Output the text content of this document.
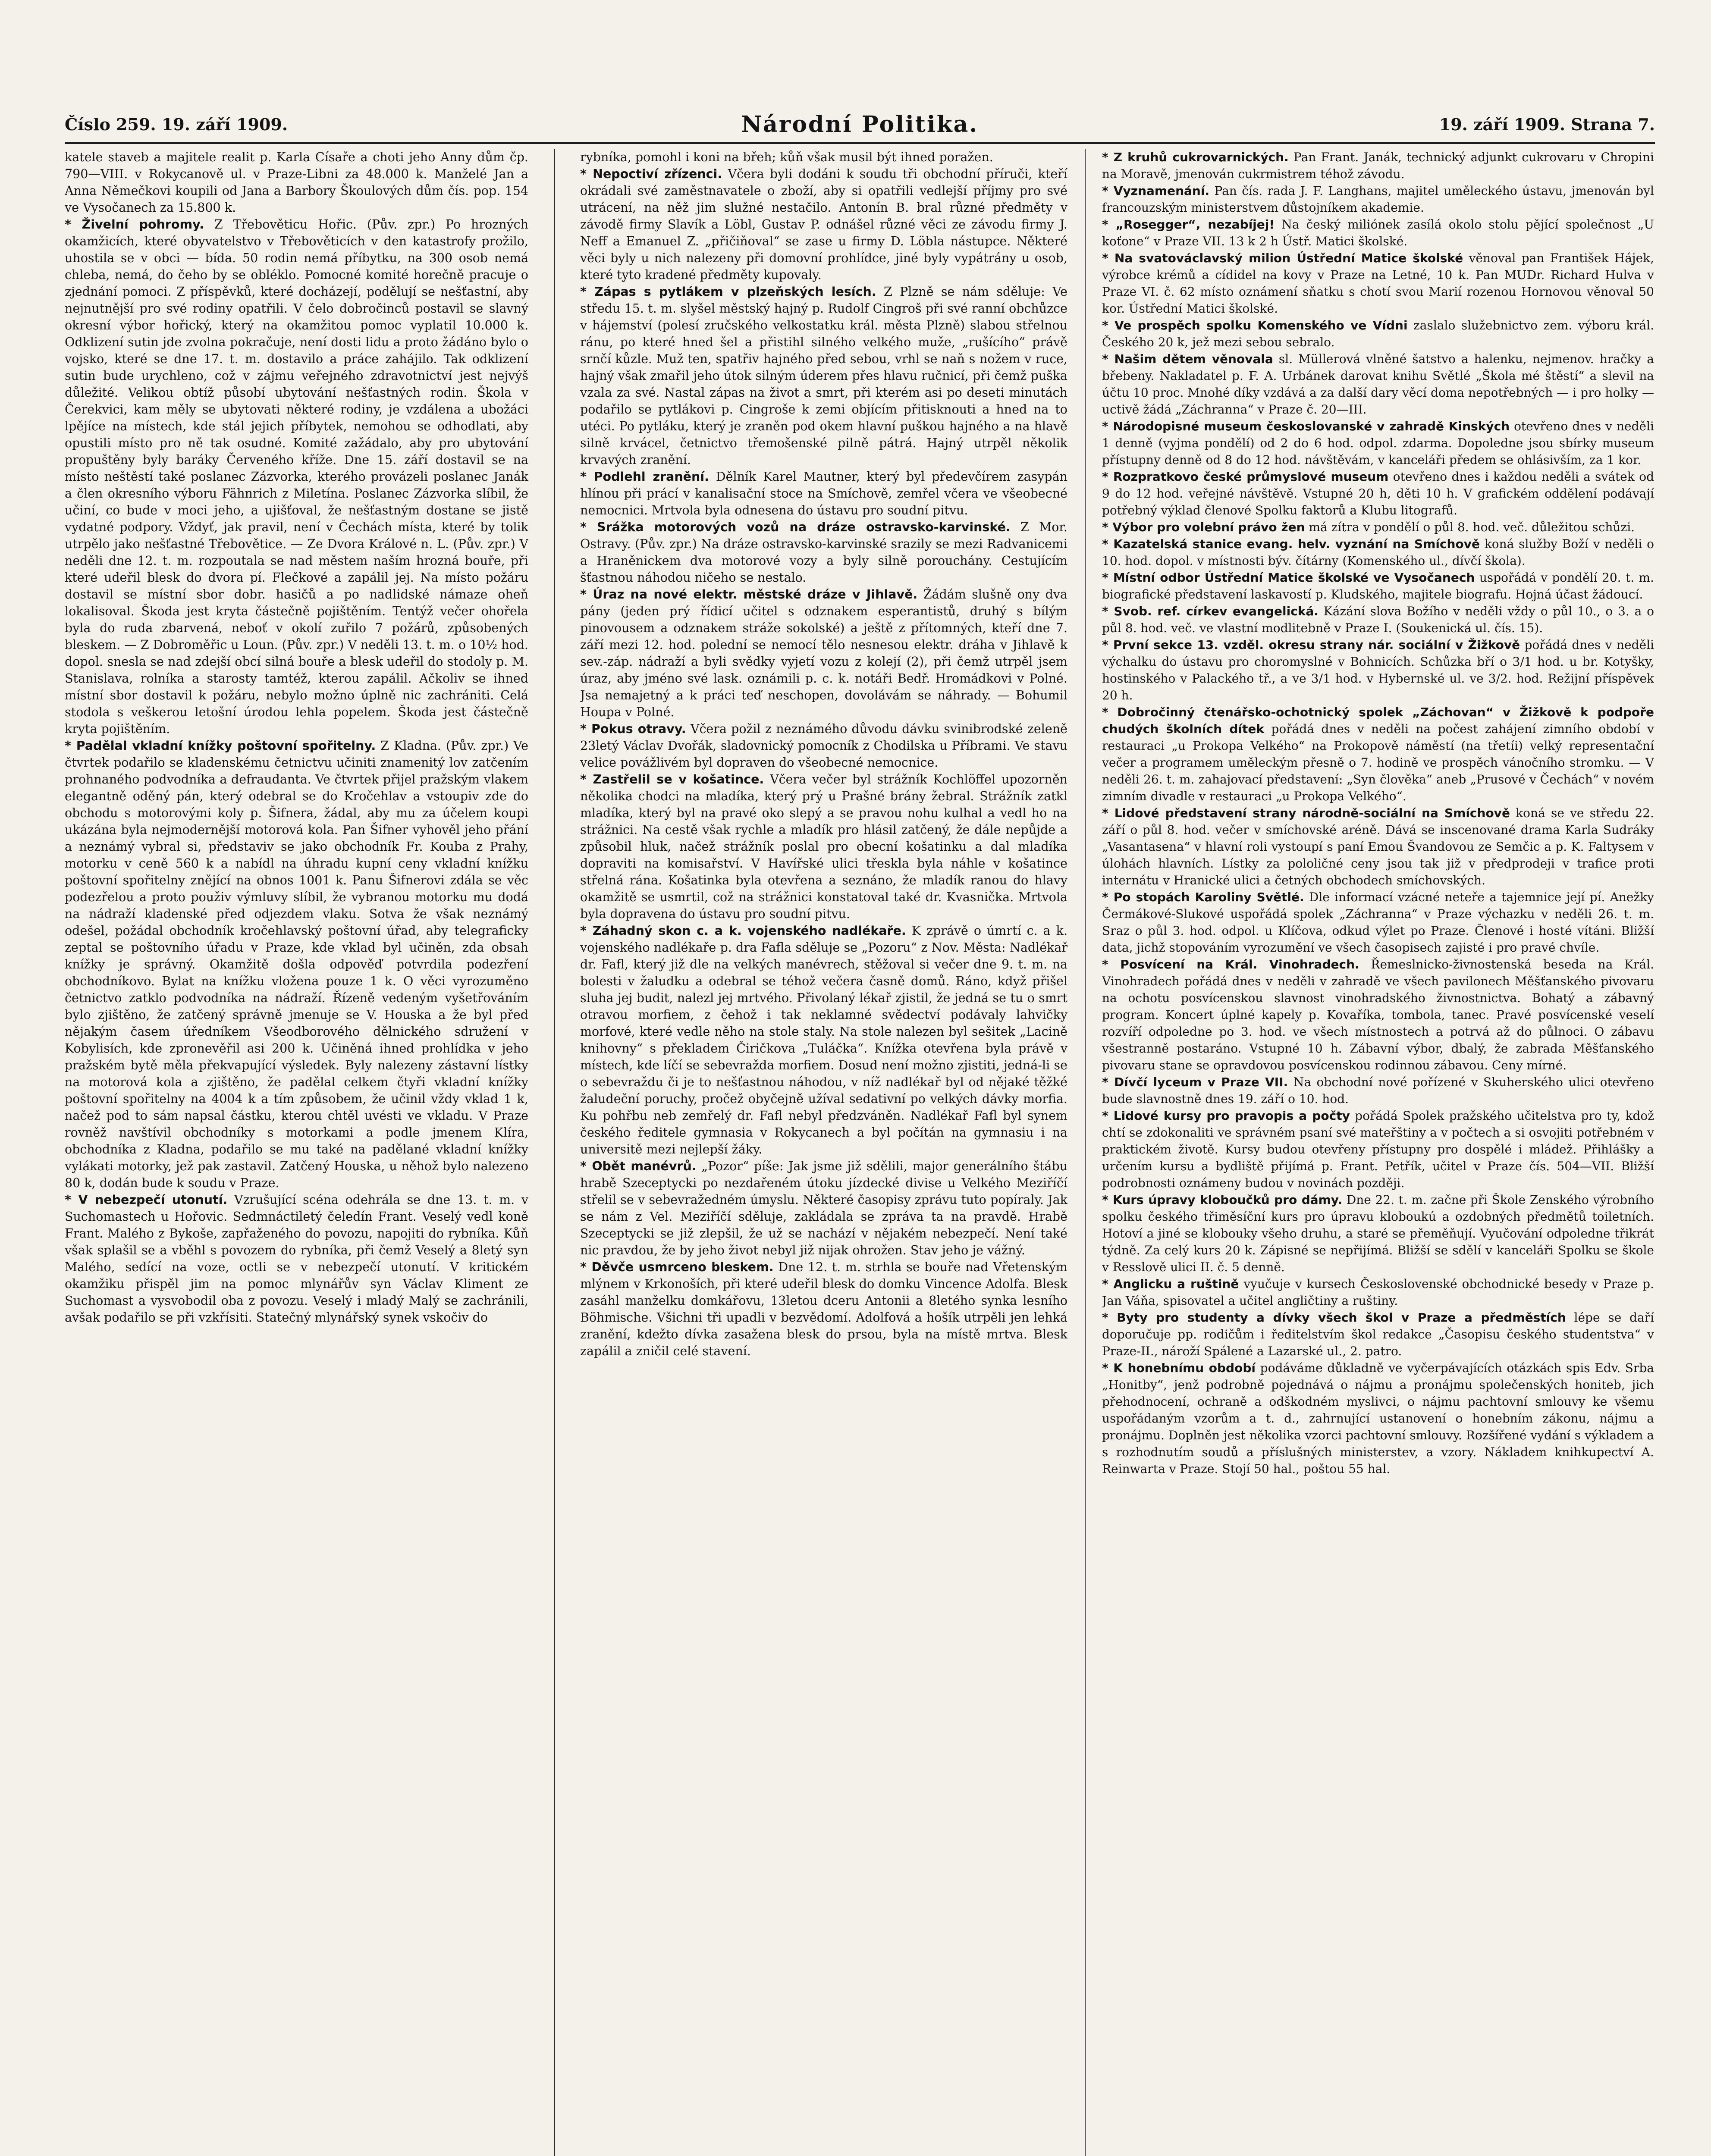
Číslo 259. 19. září 1909.	Národní Politika.	19. září 1909. Strana 7.

katele staveb a majitele realit p. Karla Císaře a choti jeho Anny dům čp. 790—VIII. v Rokycanově ul. v Praze-Libni za 48.000 k. Manželé Jan a Anna Němečkovi koupili od Jana a Barbory Škoulových dům čís. pop. 154 ve Vysočanech za 15.800 k.

* Živelní pohromy. Z Třebověticu Hořic. (Pův. zpr.) Po hrozných okamžicích, které obyvatelstvo v Třebověticích v den katastrofy prožilo, uhostila se v obci — bída. 50 rodin nemá příbytku, na 300 osob nemá chleba, nemá, do čeho by se obléklo. Pomocné komité horečně pracuje o zjednání pomoci. Z příspěvků, které docházejí, podělují se nešťastní, aby nejnutnější pro své rodiny opatřili. V čelo dobročinců postavil se slavný okresní výbor hořický, který na okamžitou pomoc vyplatil 10.000 k. Odklizení sutin jde zvolna pokračuje, není dosti lidu a proto žádáno bylo o vojsko, které se dne 17. t. m. dostavilo a práce zahájilo. Tak odklizení sutin bude urychleno, což v zájmu veřejného zdravotnictví jest nejvýš důležité. Velikou obtíž působí ubytování nešťastných rodin. Škola v Čerekvici, kam měly se ubytovati některé rodiny, je vzdálena a ubožáci lpějíce na místech, kde stál jejich příbytek, nemohou se odhodlati, aby opustili místo pro ně tak osudné. Komité zažádalo, aby pro ubytování propuštěny byly baráky Červeného kříže. Dne 15. září dostavil se na místo neštěstí také poslanec Zázvorka, kterého provázeli poslanec Janák a člen okresního výboru Fähnrich z Miletína. Poslanec Zázvorka slíbil, že učiní, co bude v moci jeho, a ujišťoval, že nešťastným dostane se jistě vydatné podpory. Vždyť, jak pravil, není v Čechách místa, které by tolik utrpělo jako nešťastné Třebovětice. — Ze Dvora Králové n. L. (Pův. zpr.) V neděli dne 12. t. m. rozpoutala se nad městem naším hrozná bouře, při které udeřil blesk do dvora pí. Flečkové a zapálil jej. Na místo požáru dostavil se místní sbor dobr. hasičů a po nadlidské námaze oheň lokalisoval. Škoda jest kryta částečně pojištěním. Tentýž večer ohořela byla do ruda zbarvená, neboť v okolí zuřilo 7 požárů, způsobených bleskem. — Z Dobroměřic u Loun. (Pův. zpr.) V neděli 13. t. m. o 10½ hod. dopol. snesla se nad zdejší obcí silná bouře a blesk udeřil do stodoly p. M. Stanislava, rolníka a starosty tamtéž, kterou zapálil. Ačkoliv se ihned místní sbor dostavil k požáru, nebylo možno úplně nic zachrániti. Celá stodola s veškerou letošní úrodou lehla popelem. Škoda jest částečně kryta pojištěním.

* Padělal vkladní knížky poštovní spořitelny. Z Kladna. (Pův. zpr.) Ve čtvrtek podařilo se kladenskému četnictvu učiniti znamenitý lov zatčením prohnaného podvodníka a defraudanta. Ve čtvrtek přijel pražským vlakem elegantně oděný pán, který odebral se do Kročehlav a vstoupiv zde do obchodu s motorovými koly p. Šifnera, žádal, aby mu za účelem koupi ukázána byla nejmodernější motorová kola. Pan Šifner vyhověl jeho přání a neznámý vybral si, představiv se jako obchodník Fr. Kouba z Prahy, motorku v ceně 560 k a nabídl na úhradu kupní ceny vkladní knížku poštovní spořitelny znějící na obnos 1001 k. Panu Šifnerovi zdála se věc podezřelou a proto použiv výmluvy slíbil, že vybranou motorku mu dodá na nádraží kladenské před odjezdem vlaku. Sotva že však neznámý odešel, požádal obchodník kročehlavský poštovní úřad, aby telegraficky zeptal se poštovního úřadu v Praze, kde vklad byl učiněn, zda obsah knížky je správný. Okamžitě došla odpověď potvrdila podezření obchodníkovo. Bylat na knížku vložena pouze 1 k. O věci vyrozuměno četnictvo zatklo podvodníka na nádraží. Řízeně vedeným vyšetřováním bylo zjištěno, že zatčený správně jmenuje se V. Houska a že byl před nějakým časem úředníkem Všeodborového dělnického sdružení v Kobylisích, kde zpronevěřil asi 200 k. Učiněná ihned prohlídka v jeho pražském bytě měla překvapující výsledek. Byly nalezeny zástavní lístky na motorová kola a zjištěno, že padělal celkem čtyři vkladní knížky poštovní spořitelny na 4004 k a tím způsobem, že učinil vždy vklad 1 k, načež pod to sám napsal částku, kterou chtěl uvésti ve vkladu. V Praze rovněž navštívil obchodníky s motorkami a podle jmenem Klíra, obchodníka z Kladna, podařilo se mu také na padělané vkladní knížky vylákati motorky, jež pak zastavil. Zatčený Houska, u něhož bylo nalezeno 80 k, dodán bude k soudu v Praze.

* V nebezpečí utonutí. Vzrušující scéna odehrála se dne 13. t. m. v Suchomastech u Hořovic. Sedmnáctiletý čeledín Frant. Veselý vedl koně Frant. Malého z Bykoše, zapřaženého do povozu, napojiti do rybníka. Kůň však splašil se a vběhl s povozem do rybníka, při čemž Veselý a 8letý syn Malého, sedící na voze, octli se v nebezpečí utonutí. V kritickém okamžiku přispěl jim na pomoc mlynářův syn Václav Kliment ze Suchomast a vysvobodil oba z povozu. Veselý i mladý Malý se zachránili, avšak podařilo se při vzkřísiti. Statečný mlynářský synek vskočiv do

rybníka, pomohl i koni na břeh; kůň však musil být ihned poražen.

* Nepoctiví zřízenci. Včera byli dodáni k soudu tři obchodní příruči, kteří okrádali své zaměstnavatele o zboží, aby si opatřili vedlejší příjmy pro své utrácení, na něž jim služné nestačilo. Antonín B. bral různé předměty v závodě firmy Slavík a Löbl, Gustav P. odnášel různé věci ze závodu firmy J. Neff a Emanuel Z. „přičiňoval“ se zase u firmy D. Löbla nástupce. Některé věci byly u nich nalezeny při domovní prohlídce, jiné byly vypátrány u osob, které tyto kradené předměty kupovaly.

* Zápas s pytlákem v plzeňských lesích. Z Plzně se nám sděluje: Ve středu 15. t. m. slyšel městský hajný p. Rudolf Cingroš při své ranní obchůzce v hájemství (polesí zručského velkostatku král. města Plzně) slabou střelnou ránu, po které hned šel a přistihl silného velkého muže, „rušícího“ právě srnčí kůzle. Muž ten, spatřiv hajného před sebou, vrhl se naň s nožem v ruce, hajný však zmařil jeho útok silným úderem přes hlavu ručnicí, při čemž puška vzala za své. Nastal zápas na život a smrt, při kterém asi po deseti minutách podařilo se pytlákovi p. Cingroše k zemi objícím přitisknouti a hned na to utéci. Po pytláku, který je zraněn pod okem hlavní puškou hajného a na hlavě silně krvácel, četnictvo třemošenské pilně pátrá. Hajný utrpěl několik krvavých zranění.

* Podlehl zranění. Dělník Karel Mautner, který byl předevčírem zasypán hlínou při prácí v kanalisační stoce na Smíchově, zemřel včera ve všeobecné nemocnici. Mrtvola byla odnesena do ústavu pro soudní pitvu.

* Srážka motorových vozů na dráze ostravsko-karvinské. Z Mor. Ostravy. (Pův. zpr.) Na dráze ostravsko-karvinské srazily se mezi Radvanicemi a Hraněnickem dva motorové vozy a byly silně porouchány. Cestujícím šťastnou náhodou ničeho se nestalo.

* Úraz na nové elektr. městské dráze v Jihlavě. Žádám slušně ony dva pány (jeden prý řídicí učitel s odznakem esperantistů, druhý s bílým pinovousem a odznakem stráže sokolské) a ještě z přítomných, kteří dne 7. září mezi 12. hod. polední se nemocí tělo nesnesou elektr. dráha v Jihlavě k sev.-záp. nádraží a byli svědky vyjetí vozu z kolejí (2), při čemž utrpěl jsem úraz, aby jméno své lask. oznámili p. c. k. notáři Bedř. Hromádkovi v Polné. Jsa nemajetný a k práci teď neschopen, dovolávám se náhrady. — Bohumil Houpa v Polné.

* Pokus otravy. Včera požil z neznámého důvodu dávku svinibrodské zeleně 23letý Václav Dvořák, sladovnický pomocník z Chodilska u Příbrami. Ve stavu velice povážlivém byl dopraven do všeobecné nemocnice.

* Zastřelil se v košatince. Včera večer byl strážník Kochlöffel upozorněn několika chodci na mladíka, který prý u Prašné brány žebral. Strážník zatkl mladíka, který byl na pravé oko slepý a se pravou nohu kulhal a vedl ho na strážnici. Na cestě však rychle a mladík pro hlásil zatčený, že dále nepůjde a způsobil hluk, načež strážník poslal pro obecní košatinku a dal mladíka dopraviti na komisařství. V Havířské ulici třeskla byla náhle v košatince střelná rána. Košatinka byla otevřena a seznáno, že mladík ranou do hlavy okamžitě se usmrtil, což na strážnici konstatoval také dr. Kvasnička. Mrtvola byla dopravena do ústavu pro soudní pitvu.

* Záhadný skon c. a k. vojenského nadlékaře. K zprávě o úmrtí c. a k. vojenského nadlékaře p. dra Fafla sděluje se „Pozoru“ z Nov. Města: Nadlékař dr. Fafl, který již dle na velkých manévrech, stěžoval si večer dne 9. t. m. na bolesti v žaludku a odebral se téhož večera časně domů. Ráno, když přišel sluha jej budit, nalezl jej mrtvého. Přivolaný lékař zjistil, že jedná se tu o smrt otravou morfiem, z čehož i tak neklamné svědectví podávaly lahvičky morfové, které vedle něho na stole staly. Na stole nalezen byl sešitek „Lacině knihovny“ s překladem Čiričkova „Tuláčka“. Knížka otevřena byla právě v místech, kde líčí se sebevražda morfiem. Dosud není možno zjistiti, jedná-li se o sebevraždu či je to nešťastnou náhodou, v níž nadlékař byl od nějaké těžké žaludeční poruchy, pročež obyčejně užíval sedativní po velkých dávky morfia. Ku pohřbu neb zemřelý dr. Fafl nebyl předzváněn. Nadlékař Fafl byl synem českého ředitele gymnasia v Rokycanech a byl počítán na gymnasiu i na universitě mezi nejlepší žáky.

* Obět manévrů. „Pozor“ píše: Jak jsme již sdělili, major generálního štábu hrabě Szeceptycki po nezdařeném útoku jízdecké divise u Velkého Meziříčí střelil se v sebevražedném úmyslu. Některé časopisy zprávu tuto popíraly. Jak se nám z Vel. Meziříčí sděluje, zakládala se zpráva ta na pravdě. Hrabě Szeceptycki se již zlepšil, že už se nachází v nějakém nebezpečí. Není také nic pravdou, že by jeho život nebyl již nijak ohrožen. Stav jeho je vážný.

* Děvče usmrceno bleskem. Dne 12. t. m. strhla se bouře nad Vřetenským mlýnem v Krkonoších, při které udeřil blesk do domku Vincence Adolfa. Blesk zasáhl manželku domkářovu, 13letou dceru Antonii a 8letého synka lesního Böhmische. Všichni tři upadli v bezvědomí. Adolfová a hošík utrpěli jen lehká zranění, kdežto dívka zasažena blesk do prsou, byla na místě mrtva. Blesk zapálil a zničil celé stavení.

* Z kruhů cukrovarnických. Pan Frant. Janák, technický adjunkt cukrovaru v Chropini na Moravě, jmenován cukrmistrem téhož závodu.

* Vyznamenání. Pan čís. rada J. F. Langhans, majitel uměleckého ústavu, jmenován byl francouzským ministerstvem důstojníkem akademie.

* „Rosegger“, nezabíjej! Na český miliónek zasílá okolo stolu pějící společnost „U koťone“ v Praze VII. 13 k 2 h Ústř. Matici školské.

* Na svatováclavský milion Ústřední Matice školské věnoval pan František Hájek, výrobce krémů a cídidel na kovy v Praze na Letné, 10 k. Pan MUDr. Richard Hulva v Praze VI. č. 62 místo oznámení sňatku s chotí svou Marií rozenou Hornovou věnoval 50 kor. Ústřední Matici školské.

* Ve prospěch spolku Komenského ve Vídni zaslalo služebnictvo zem. výboru král. Českého 20 k, jež mezi sebou sebralo.

* Našim dětem věnovala sl. Müllerová vlněné šatstvo a halenku, nejmenov. hračky a břebeny. Nakladatel p. F. A. Urbánek darovat knihu Světlé „Škola mé štěstí“ a slevil na účtu 10 proc. Mnohé díky vzdává a za další dary věcí doma nepotřebných — i pro holky — uctivě žádá „Záchranna“ v Praze č. 20—III.

* Národopisné museum českoslovanské v zahradě Kinských otevřeno dnes v neděli 1 denně (vyjma pondělí) od 2 do 6 hod. odpol. zdarma. Dopoledne jsou sbírky museum přístupny denně od 8 do 12 hod. návštěvám, v kanceláři předem se ohlásivším, za 1 kor.

* Rozpratkovo české průmyslové museum otevřeno dnes i každou neděli a svátek od 9 do 12 hod. veřejné návštěvě. Vstupné 20 h, děti 10 h. V grafickém oddělení podávají potřebný výklad členové Spolku faktorů a Klubu litografů.

* Výbor pro volební právo žen má zítra v pondělí o půl 8. hod. več. důležitou schůzi.

* Kazatelská stanice evang. helv. vyznání na Smíchově koná služby Boží v neděli o 10. hod. dopol. v místnosti býv. čítárny (Komenského ul., dívčí škola).

* Místní odbor Ústřední Matice školské ve Vysočanech uspořádá v pondělí 20. t. m. biografické představení laskavostí p. Kludského, majitele biografu. Hojná účast žádoucí.

* Svob. ref. církev evangelická. Kázání slova Božího v neděli vždy o půl 10., o 3. a o půl 8. hod. več. ve vlastní modlitebně v Praze I. (Soukenická ul. čís. 15).

* První sekce 13. vzděl. okresu strany nár. sociální v Žižkově pořádá dnes v neděli výchalku do ústavu pro choromyslné v Bohnicích. Schůzka bří o 3/1 hod. u br. Kotyšky, hostinského v Palackého tř., a ve 3/1 hod. v Hybernské ul. ve 3/2. hod. Režijní příspěvek 20 h.

* Dobročinný čtenářsko-ochotnický spolek „Záchovan“ v Žižkově k podpoře chudých školních dítek pořádá dnes v neděli na počest zahájení zimního období v restauraci „u Prokopa Velkého“ na Prokopově náměstí (na třetíi) velký representační večer a programem uměleckým přesně o 7. hodině ve prospěch vánočního stromku. — V neděli 26. t. m. zahajovací představení: „Syn člověka“ aneb „Prusové v Čechách“ v novém zimním divadle v restauraci „u Prokopa Velkého“.

* Lidové představení strany národně-sociální na Smíchově koná se ve středu 22. září o půl 8. hod. večer v smíchovské aréně. Dává se inscenované drama Karla Sudráky „Vasantasena“ v hlavní roli vystoupí s paní Emou Švandovou ze Semčic a p. K. Faltysem v úlohách hlavních. Lístky za pololičné ceny jsou tak již v předprodeji v trafice proti internátu v Hranické ulici a četných obchodech smíchovských.

* Po stopách Karoliny Světlé. Dle informací vzácné neteře a tajemnice její pí. Anežky Čermákové-Slukové uspořádá spolek „Záchranna“ v Praze výchazku v neděli 26. t. m. Sraz o půl 3. hod. odpol. u Klíčova, odkud výlet po Praze. Členové i hosté vítáni. Bližší data, jichž stopováním vyrozumění ve všech časopisech zajisté i pro pravé chvíle.

* Posvícení na Král. Vinohradech. Řemeslnicko-živnostenská beseda na Král. Vinohradech pořádá dnes v neděli v zahradě ve všech pavilonech Měšťanského pivovaru na ochotu posvícenskou slavnost vinohradského živnostnictva. Bohatý a zábavný program. Koncert úplné kapely p. Kovaříka, tombola, tanec. Pravé posvícenské veselí rozvíří odpoledne po 3. hod. ve všech místnostech a potrvá až do půlnoci. O zábavu všestranně postaráno. Vstupné 10 h. Zábavní výbor, dbalý, že zabrada Měšťanského pivovaru stane se opravdovou posvícenskou rodinnou zábavou. Ceny mírné.

* Dívčí lyceum v Praze VII. Na obchodní nové pořízené v Skuherského ulici otevřeno bude slavnostně dnes 19. září o 10. hod.

* Lidové kursy pro pravopis a počty pořádá Spolek pražského učitelstva pro ty, kdož chtí se zdokonaliti ve správném psaní své mateřštiny a v počtech a si osvojiti potřebném v praktickém životě. Kursy budou otevřeny přístupny pro dospělé i mládež. Přihlášky a určením kursu a bydliště přijímá p. Frant. Petřík, učitel v Praze čís. 504—VII. Bližší podrobnosti oznámeny budou v novinách později.

* Kurs úpravy kloboučků pro dámy. Dne 22. t. m. začne při Škole Zenského výrobního spolku českého třiměsíční kurs pro úpravu kloboukú a ozdobných předmětů toiletních. Hotoví a jiné se klobouky všeho druhu, a staré se přeměňují. Vyučování odpoledne třikrát týdně. Za celý kurs 20 k. Zápisné se nepřijímá. Bližší se sdělí v kanceláři Spolku se škole v Resslově ulici II. č. 5 denně.

* Anglicku a ruštině vyučuje v kursech Československé obchodnické besedy v Praze p. Jan Váňa, spisovatel a učitel angličtiny a ruštiny.

* Byty pro studenty a dívky všech škol v Praze a předměstích lépe se daří doporučuje pp. rodičům i ředitelstvím škol redakce „Časopisu českého studentstva“ v Praze-II., nároží Spálené a Lazarské ul., 2. patro.

* K honebnímu období podáváme důkladně ve vyčerpávajících otázkách spis Edv. Srba „Honitby“, jenž podrobně pojednává o nájmu a pronájmu společenských honiteb, jich přehodnocení, ochraně a odškodném myslivci, o nájmu pachtovní smlouvy ke všemu uspořádaným vzorům a t. d., zahrnující ustanovení o honebním zákonu, nájmu a pronájmu. Doplněn jest několika vzorci pachtovní smlouvy. Rozšířené vydání s výkladem a s rozhodnutím soudů a příslušných ministerstev, a vzory. Nákladem knihkupectví A. Reinwarta v Praze. Stojí 50 hal., poštou 55 hal.
